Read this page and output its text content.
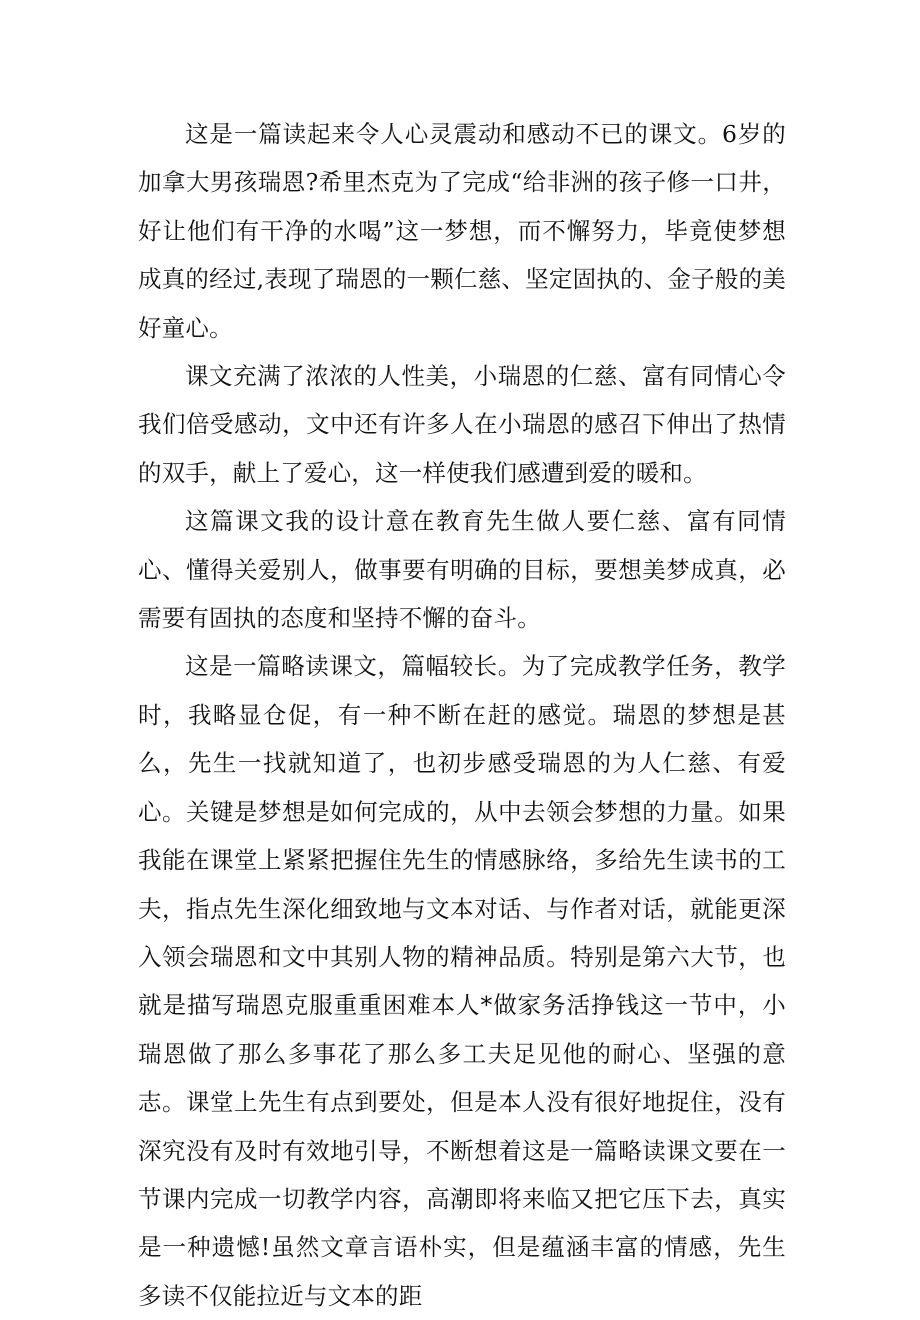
这是一篇读起来令人心灵震动和感动不已的课文。6岁的加拿大男孩瑞恩?希里杰克为了完成“给非洲的孩子修一口井，好让他们有干净的水喝”这一梦想，而不懈努力，毕竟使梦想成真的经过,表现了瑞恩的一颗仁慈、坚定固执的、金子般的美好童心。

课文充满了浓浓的人性美，小瑞恩的仁慈、富有同情心令我们倍受感动，文中还有许多人在小瑞恩的感召下伸出了热情的双手，献上了爱心，这一样使我们感遭到爱的暖和。

这篇课文我的设计意在教育先生做人要仁慈、富有同情心、懂得关爱别人，做事要有明确的目标，要想美梦成真，必需要有固执的态度和坚持不懈的奋斗。

这是一篇略读课文，篇幅较长。为了完成教学任务，教学时，我略显仓促，有一种不断在赶的感觉。瑞恩的梦想是甚么，先生一找就知道了，也初步感受瑞恩的为人仁慈、有爱心。关键是梦想是如何完成的，从中去领会梦想的力量。如果我能在课堂上紧紧把握住先生的情感脉络，多给先生读书的工夫，指点先生深化细致地与文本对话、与作者对话，就能更深入领会瑞恩和文中其别人物的精神品质。特别是第六大节，也就是描写瑞恩克服重重困难本人*做家务活挣钱这一节中，小瑞恩做了那么多事花了那么多工夫足见他的耐心、坚强的意志。课堂上先生有点到要处，但是本人没有很好地捉住，没有深究没有及时有效地引导，不断想着这是一篇略读课文要在一节课内完成一切教学内容，高潮即将来临又把它压下去，真实是一种遗憾!虽然文章言语朴实，但是蕴涵丰富的情感，先生多读不仅能拉近与文本的距
